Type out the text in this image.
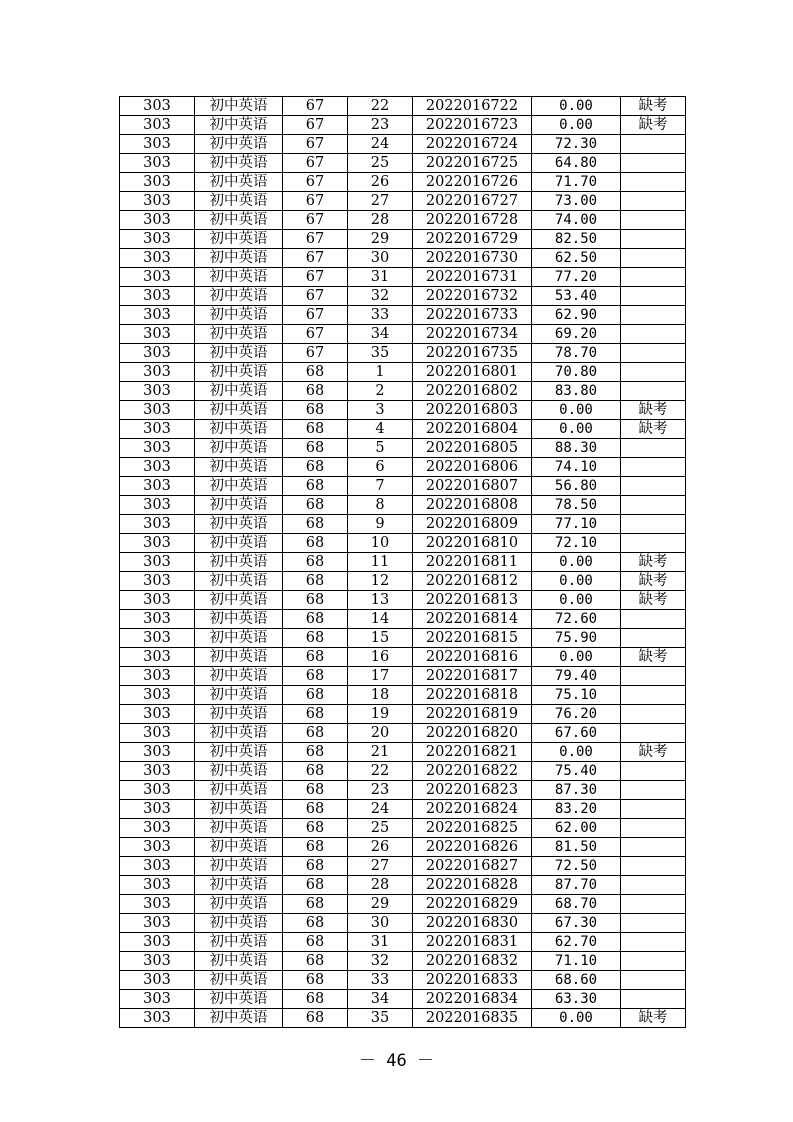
303	初中英语	67	22	2022016722	0.00	缺考
303	初中英语	67	23	2022016723	0.00	缺考
303	初中英语	67	24	2022016724	72.30	
303	初中英语	67	25	2022016725	64.80	
303	初中英语	67	26	2022016726	71.70	
303	初中英语	67	27	2022016727	73.00	
303	初中英语	67	28	2022016728	74.00	
303	初中英语	67	29	2022016729	82.50	
303	初中英语	67	30	2022016730	62.50	
303	初中英语	67	31	2022016731	77.20	
303	初中英语	67	32	2022016732	53.40	
303	初中英语	67	33	2022016733	62.90	
303	初中英语	67	34	2022016734	69.20	
303	初中英语	67	35	2022016735	78.70	
303	初中英语	68	1	2022016801	70.80	
303	初中英语	68	2	2022016802	83.80	
303	初中英语	68	3	2022016803	0.00	缺考
303	初中英语	68	4	2022016804	0.00	缺考
303	初中英语	68	5	2022016805	88.30	
303	初中英语	68	6	2022016806	74.10	
303	初中英语	68	7	2022016807	56.80	
303	初中英语	68	8	2022016808	78.50	
303	初中英语	68	9	2022016809	77.10	
303	初中英语	68	10	2022016810	72.10	
303	初中英语	68	11	2022016811	0.00	缺考
303	初中英语	68	12	2022016812	0.00	缺考
303	初中英语	68	13	2022016813	0.00	缺考
303	初中英语	68	14	2022016814	72.60	
303	初中英语	68	15	2022016815	75.90	
303	初中英语	68	16	2022016816	0.00	缺考
303	初中英语	68	17	2022016817	79.40	
303	初中英语	68	18	2022016818	75.10	
303	初中英语	68	19	2022016819	76.20	
303	初中英语	68	20	2022016820	67.60	
303	初中英语	68	21	2022016821	0.00	缺考
303	初中英语	68	22	2022016822	75.40	
303	初中英语	68	23	2022016823	87.30	
303	初中英语	68	24	2022016824	83.20	
303	初中英语	68	25	2022016825	62.00	
303	初中英语	68	26	2022016826	81.50	
303	初中英语	68	27	2022016827	72.50	
303	初中英语	68	28	2022016828	87.70	
303	初中英语	68	29	2022016829	68.70	
303	初中英语	68	30	2022016830	67.30	
303	初中英语	68	31	2022016831	62.70	
303	初中英语	68	32	2022016832	71.10	
303	初中英语	68	33	2022016833	68.60	
303	初中英语	68	34	2022016834	63.30	
303	初中英语	68	35	2022016835	0.00	缺考
－ 46 －
